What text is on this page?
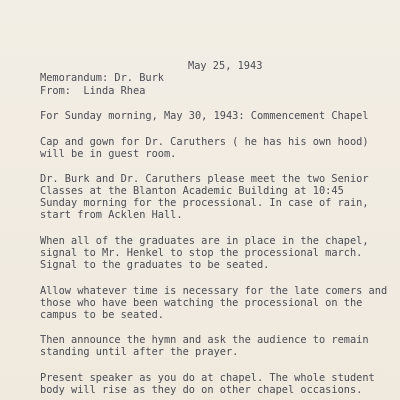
May 25, 1943
Memorandum: Dr. Burk
From:  Linda Rhea
For Sunday morning, May 30, 1943: Commencement Chapel
Cap and gown for Dr. Caruthers ( he has his own hood)
will be in guest room.
Dr. Burk and Dr. Caruthers please meet the two Senior
Classes at the Blanton Academic Building at 10:45
Sunday morning for the processional. In case of rain,
start from Acklen Hall.
When all of the graduates are in place in the chapel,
signal to Mr. Henkel to stop the processional march.
Signal to the graduates to be seated.
Allow whatever time is necessary for the late comers and
those who have been watching the processional on the
campus to be seated.
Then announce the hymn and ask the audience to remain
standing until after the prayer.
Present speaker as you do at chapel. The whole student
body will rise as they do on other chapel occasions.
